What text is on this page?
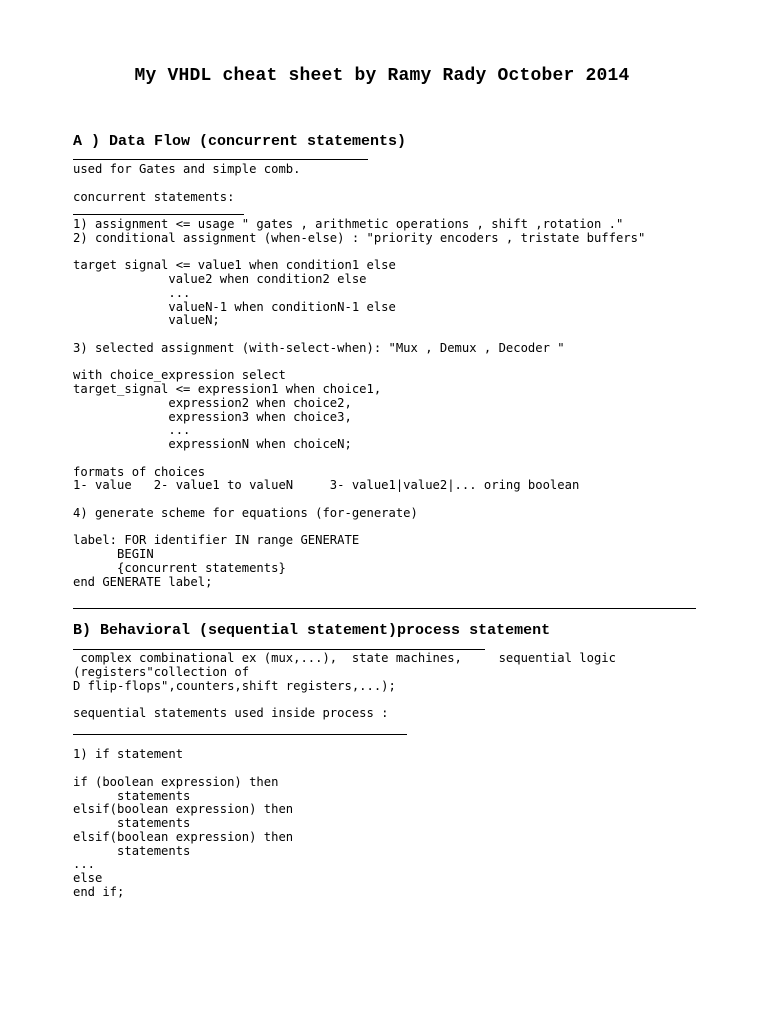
My VHDL cheat sheet by Ramy Rady October 2014
A ) Data Flow (concurrent statements)
used for Gates and simple comb.

concurrent statements:

1) assignment <= usage " gates , arithmetic operations , shift ,rotation ."
2) conditional assignment (when-else) : "priority encoders , tristate buffers"

target signal <= value1 when condition1 else
value2 when condition2 else
...
valueN-1 when conditionN-1 else
valueN;

3) selected assignment (with-select-when): "Mux , Demux , Decoder "

with choice_expression select
target_signal <= expression1 when choice1,
expression2 when choice2,
expression3 when choice3,
...
expressionN when choiceN;

formats of choices
1- value   2- value1 to valueN     3- value1|value2|... oring boolean

4) generate scheme for equations (for-generate)

label: FOR identifier IN range GENERATE
BEGIN
{concurrent statements}
end GENERATE label;
B) Behavioral (sequential statement)process statement
complex combinational ex (mux,...),  state machines,     sequential logic
(registers"collection of
D flip-flops",counters,shift registers,...);

sequential statements used inside process :

1) if statement

if (boolean expression) then
statements
elsif(boolean expression) then
statements
elsif(boolean expression) then
statements
...
else
end if;
